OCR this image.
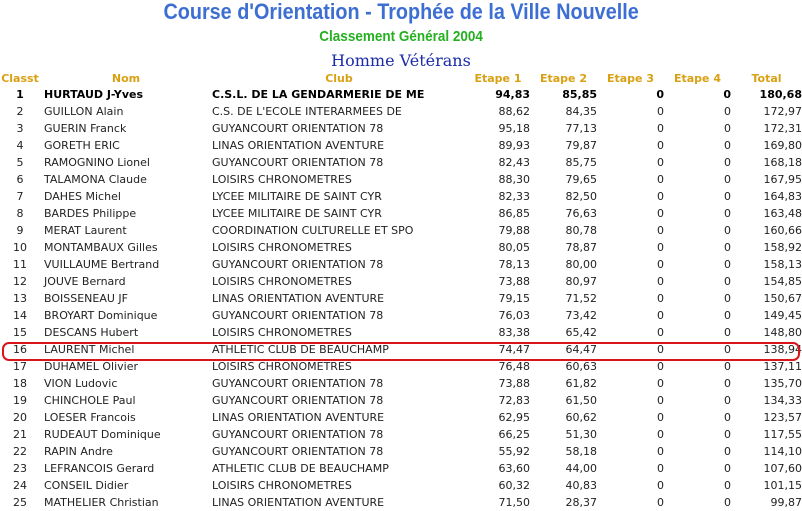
Course d'Orientation - Trophée de la Ville Nouvelle
Classement Général 2004
Homme Vétérans
Classt	Nom	Club	Etape 1	Etape 2	Etape 3	Etape 4	Total
1	HURTAUD J-Yves	C.S.L. DE LA GENDARMERIE DE ME	94,83	85,85	0	0	180,68
2	GUILLON Alain	C.S. DE L'ECOLE INTERARMEES DE	88,62	84,35	0	0	172,97
3	GUERIN Franck	GUYANCOURT ORIENTATION 78	95,18	77,13	0	0	172,31
4	GORETH ERIC	LINAS ORIENTATION AVENTURE	89,93	79,87	0	0	169,80
5	RAMOGNINO Lionel	GUYANCOURT ORIENTATION 78	82,43	85,75	0	0	168,18
6	TALAMONA Claude	LOISIRS CHRONOMETRES	88,30	79,65	0	0	167,95
7	DAHES Michel	LYCEE MILITAIRE DE SAINT CYR	82,33	82,50	0	0	164,83
8	BARDES Philippe	LYCEE MILITAIRE DE SAINT CYR	86,85	76,63	0	0	163,48
9	MERAT Laurent	COORDINATION CULTURELLE ET SPO	79,88	80,78	0	0	160,66
10	MONTAMBAUX Gilles	LOISIRS CHRONOMETRES	80,05	78,87	0	0	158,92
11	VUILLAUME Bertrand	GUYANCOURT ORIENTATION 78	78,13	80,00	0	0	158,13
12	JOUVE Bernard	LOISIRS CHRONOMETRES	73,88	80,97	0	0	154,85
13	BOISSENEAU JF	LINAS ORIENTATION AVENTURE	79,15	71,52	0	0	150,67
14	BROYART Dominique	GUYANCOURT ORIENTATION 78	76,03	73,42	0	0	149,45
15	DESCANS Hubert	LOISIRS CHRONOMETRES	83,38	65,42	0	0	148,80
16	LAURENT Michel	ATHLETIC CLUB DE BEAUCHAMP	74,47	64,47	0	0	138,94
17	DUHAMEL Olivier	LOISIRS CHRONOMETRES	76,48	60,63	0	0	137,11
18	VION Ludovic	GUYANCOURT ORIENTATION 78	73,88	61,82	0	0	135,70
19	CHINCHOLE Paul	GUYANCOURT ORIENTATION 78	72,83	61,50	0	0	134,33
20	LOESER Francois	LINAS ORIENTATION AVENTURE	62,95	60,62	0	0	123,57
21	RUDEAUT Dominique	GUYANCOURT ORIENTATION 78	66,25	51,30	0	0	117,55
22	RAPIN Andre	GUYANCOURT ORIENTATION 78	55,92	58,18	0	0	114,10
23	LEFRANCOIS Gerard	ATHLETIC CLUB DE BEAUCHAMP	63,60	44,00	0	0	107,60
24	CONSEIL Didier	LOISIRS CHRONOMETRES	60,32	40,83	0	0	101,15
25	MATHELIER Christian	LINAS ORIENTATION AVENTURE	71,50	28,37	0	0	99,87
